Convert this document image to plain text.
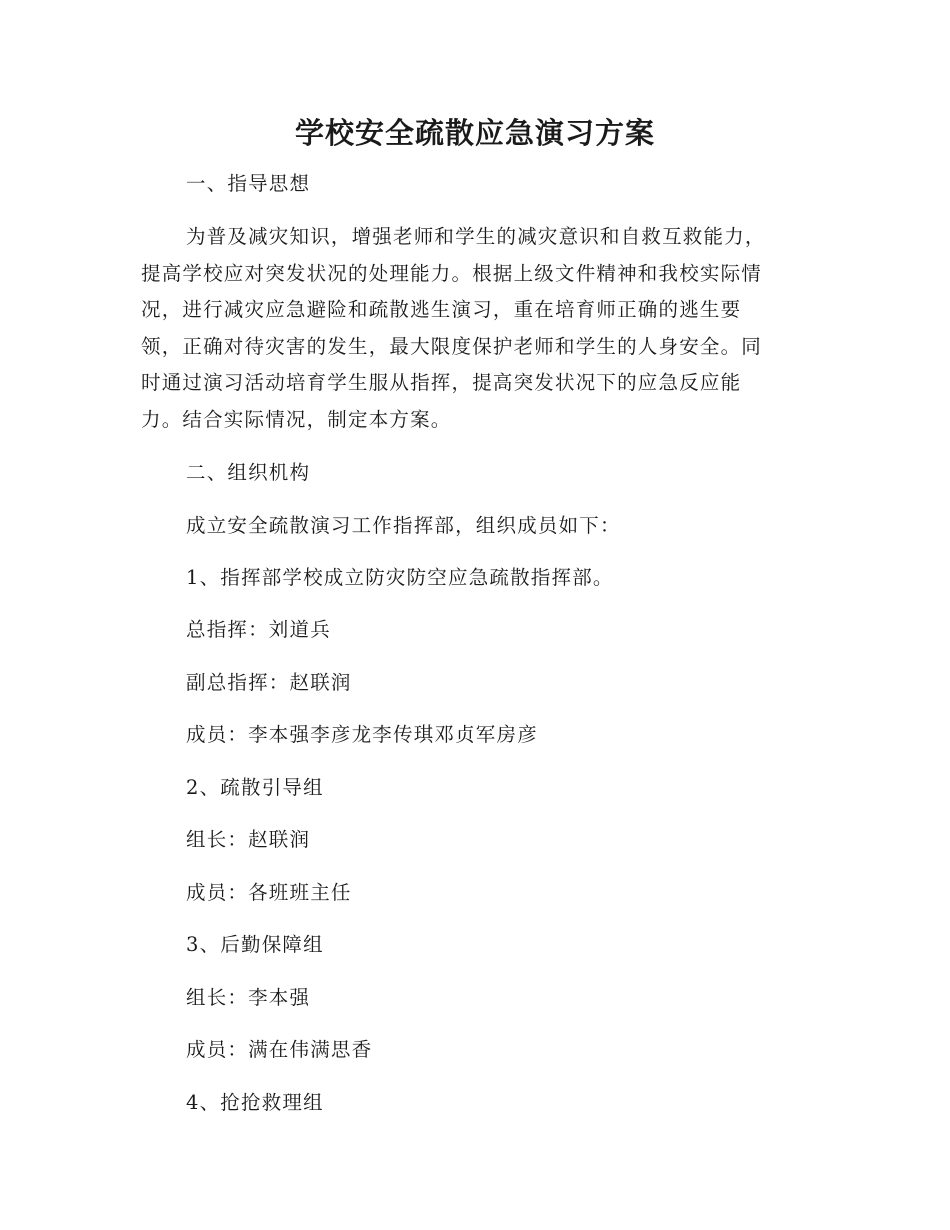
学校安全疏散应急演习方案
一、指导思想
为普及减灾知识，增强老师和学生的减灾意识和自救互救能力，
提高学校应对突发状况的处理能力。根据上级文件精神和我校实际情
况，进行减灾应急避险和疏散逃生演习，重在培育师正确的逃生要
领，正确对待灾害的发生，最大限度保护老师和学生的人身安全。同
时通过演习活动培育学生服从指挥，提高突发状况下的应急反应能
力。结合实际情况，制定本方案。
二、组织机构
成立安全疏散演习工作指挥部，组织成员如下：
1、指挥部学校成立防灾防空应急疏散指挥部。
总指挥：刘道兵
副总指挥：赵联润
成员：李本强李彦龙李传琪邓贞军房彦
2、疏散引导组
组长：赵联润
成员：各班班主任
3、后勤保障组
组长：李本强
成员：满在伟满思香
4、抢抢救理组
